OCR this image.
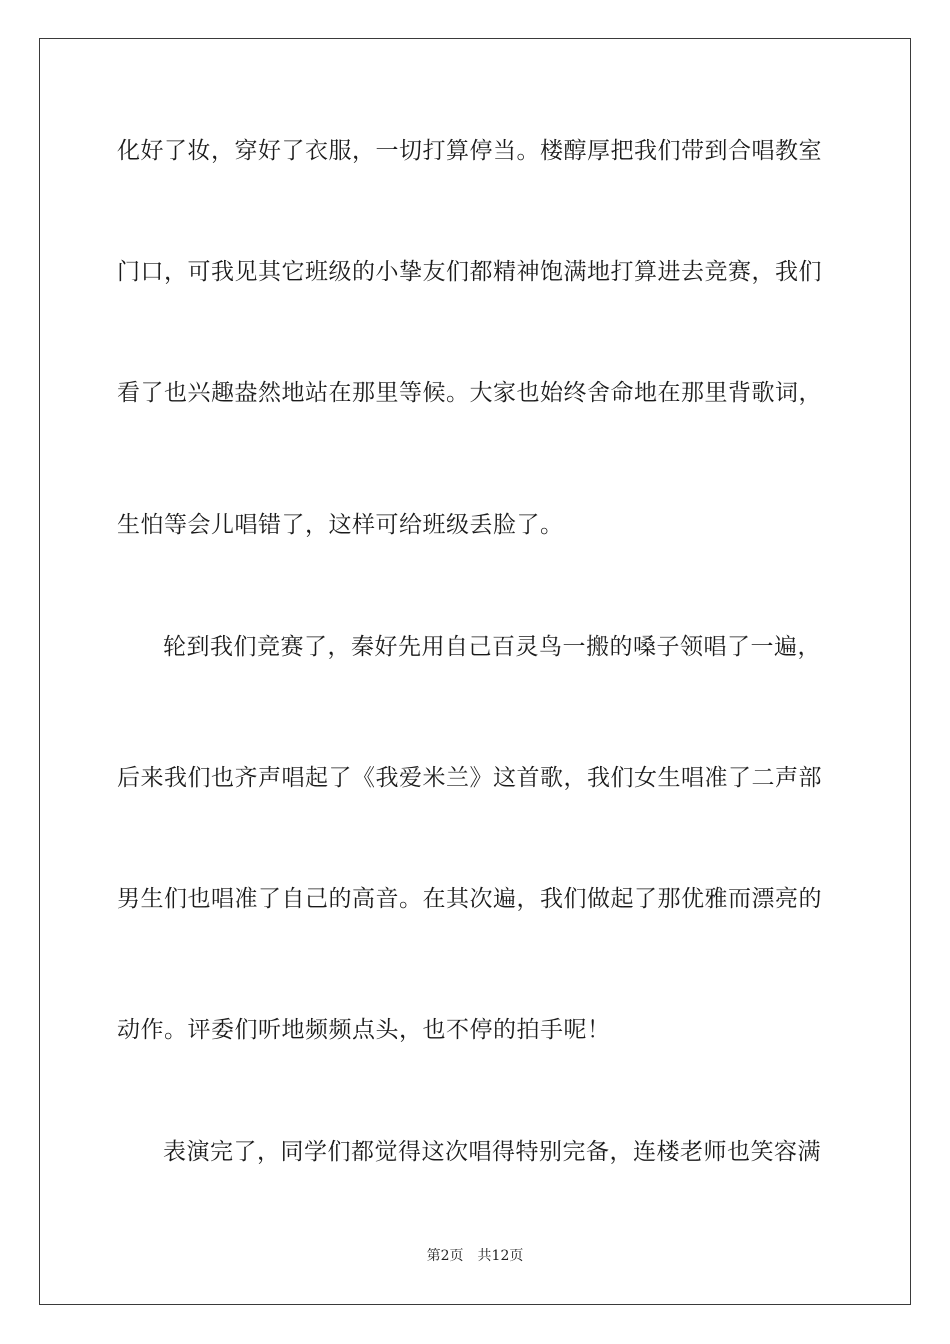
化好了妆，穿好了衣服，一切打算停当。楼醇厚把我们带到合唱教室
门口，可我见其它班级的小挚友们都精神饱满地打算进去竞赛，我们
看了也兴趣盎然地站在那里等候。大家也始终舍命地在那里背歌词，
生怕等会儿唱错了，这样可给班级丢脸了。
轮到我们竞赛了，秦好先用自己百灵鸟一搬的嗓子领唱了一遍，
后来我们也齐声唱起了《我爱米兰》这首歌，我们女生唱准了二声部
男生们也唱准了自己的高音。在其次遍，我们做起了那优雅而漂亮的
动作。评委们听地频频点头，也不停的拍手呢！
表演完了，同学们都觉得这次唱得特别完备，连楼老师也笑容满
第2页 共12页
